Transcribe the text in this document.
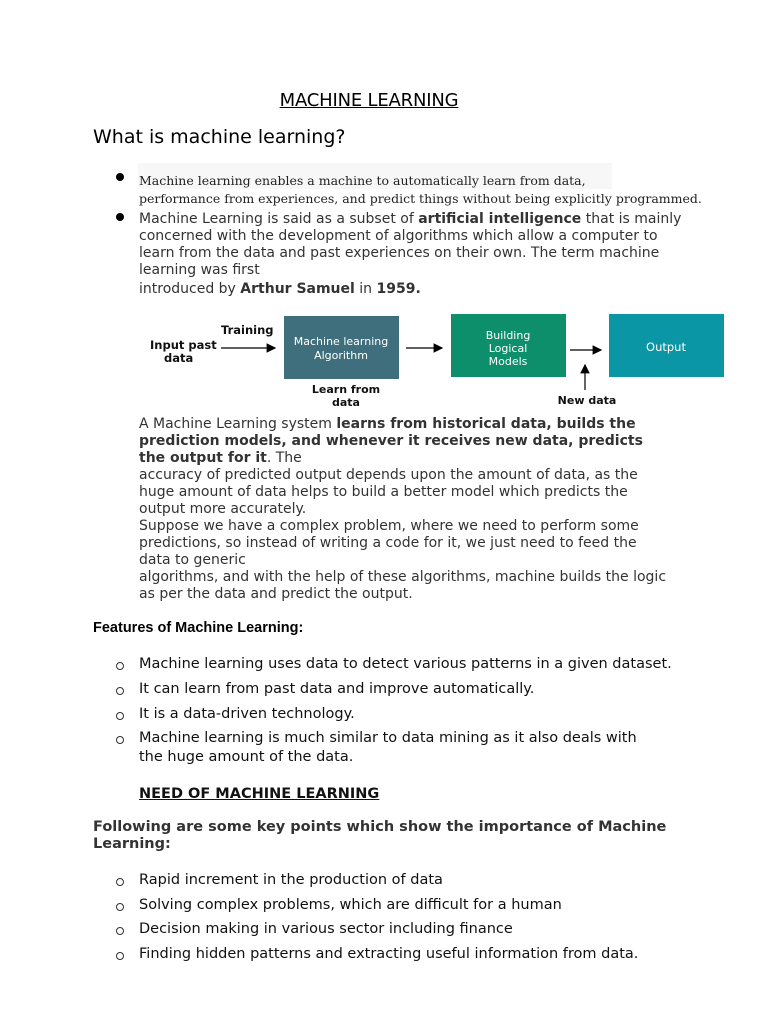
MACHINE LEARNING
What is machine learning?
Machine learning enables a machine to automatically learn from data,
performance from experiences, and predict things without being explicitly programmed.
Machine Learning is said as a subset of artificial intelligence that is mainly
concerned with the development of algorithms which allow a computer to
learn from the data and past experiences on their own. The term machine
learning was first
introduced by Arthur Samuel in 1959.
Input past
data
Training
Machine learning
Algorithm
Learn from
data
Building
Logical
Models
Output
New data
A Machine Learning system learns from historical data, builds the
prediction models, and whenever it receives new data, predicts
the output for it. The
accuracy of predicted output depends upon the amount of data, as the
huge amount of data helps to build a better model which predicts the
output more accurately.
Suppose we have a complex problem, where we need to perform some
predictions, so instead of writing a code for it, we just need to feed the
data to generic
algorithms, and with the help of these algorithms, machine builds the logic
as per the data and predict the output.
Features of Machine Learning:
Machine learning uses data to detect various patterns in a given dataset.
It can learn from past data and improve automatically.
It is a data-driven technology.
Machine learning is much similar to data mining as it also deals with
the huge amount of the data.
NEED OF MACHINE LEARNING
Following are some key points which show the importance of Machine Learning:
Rapid increment in the production of data
Solving complex problems, which are difficult for a human
Decision making in various sector including finance
Finding hidden patterns and extracting useful information from data.
